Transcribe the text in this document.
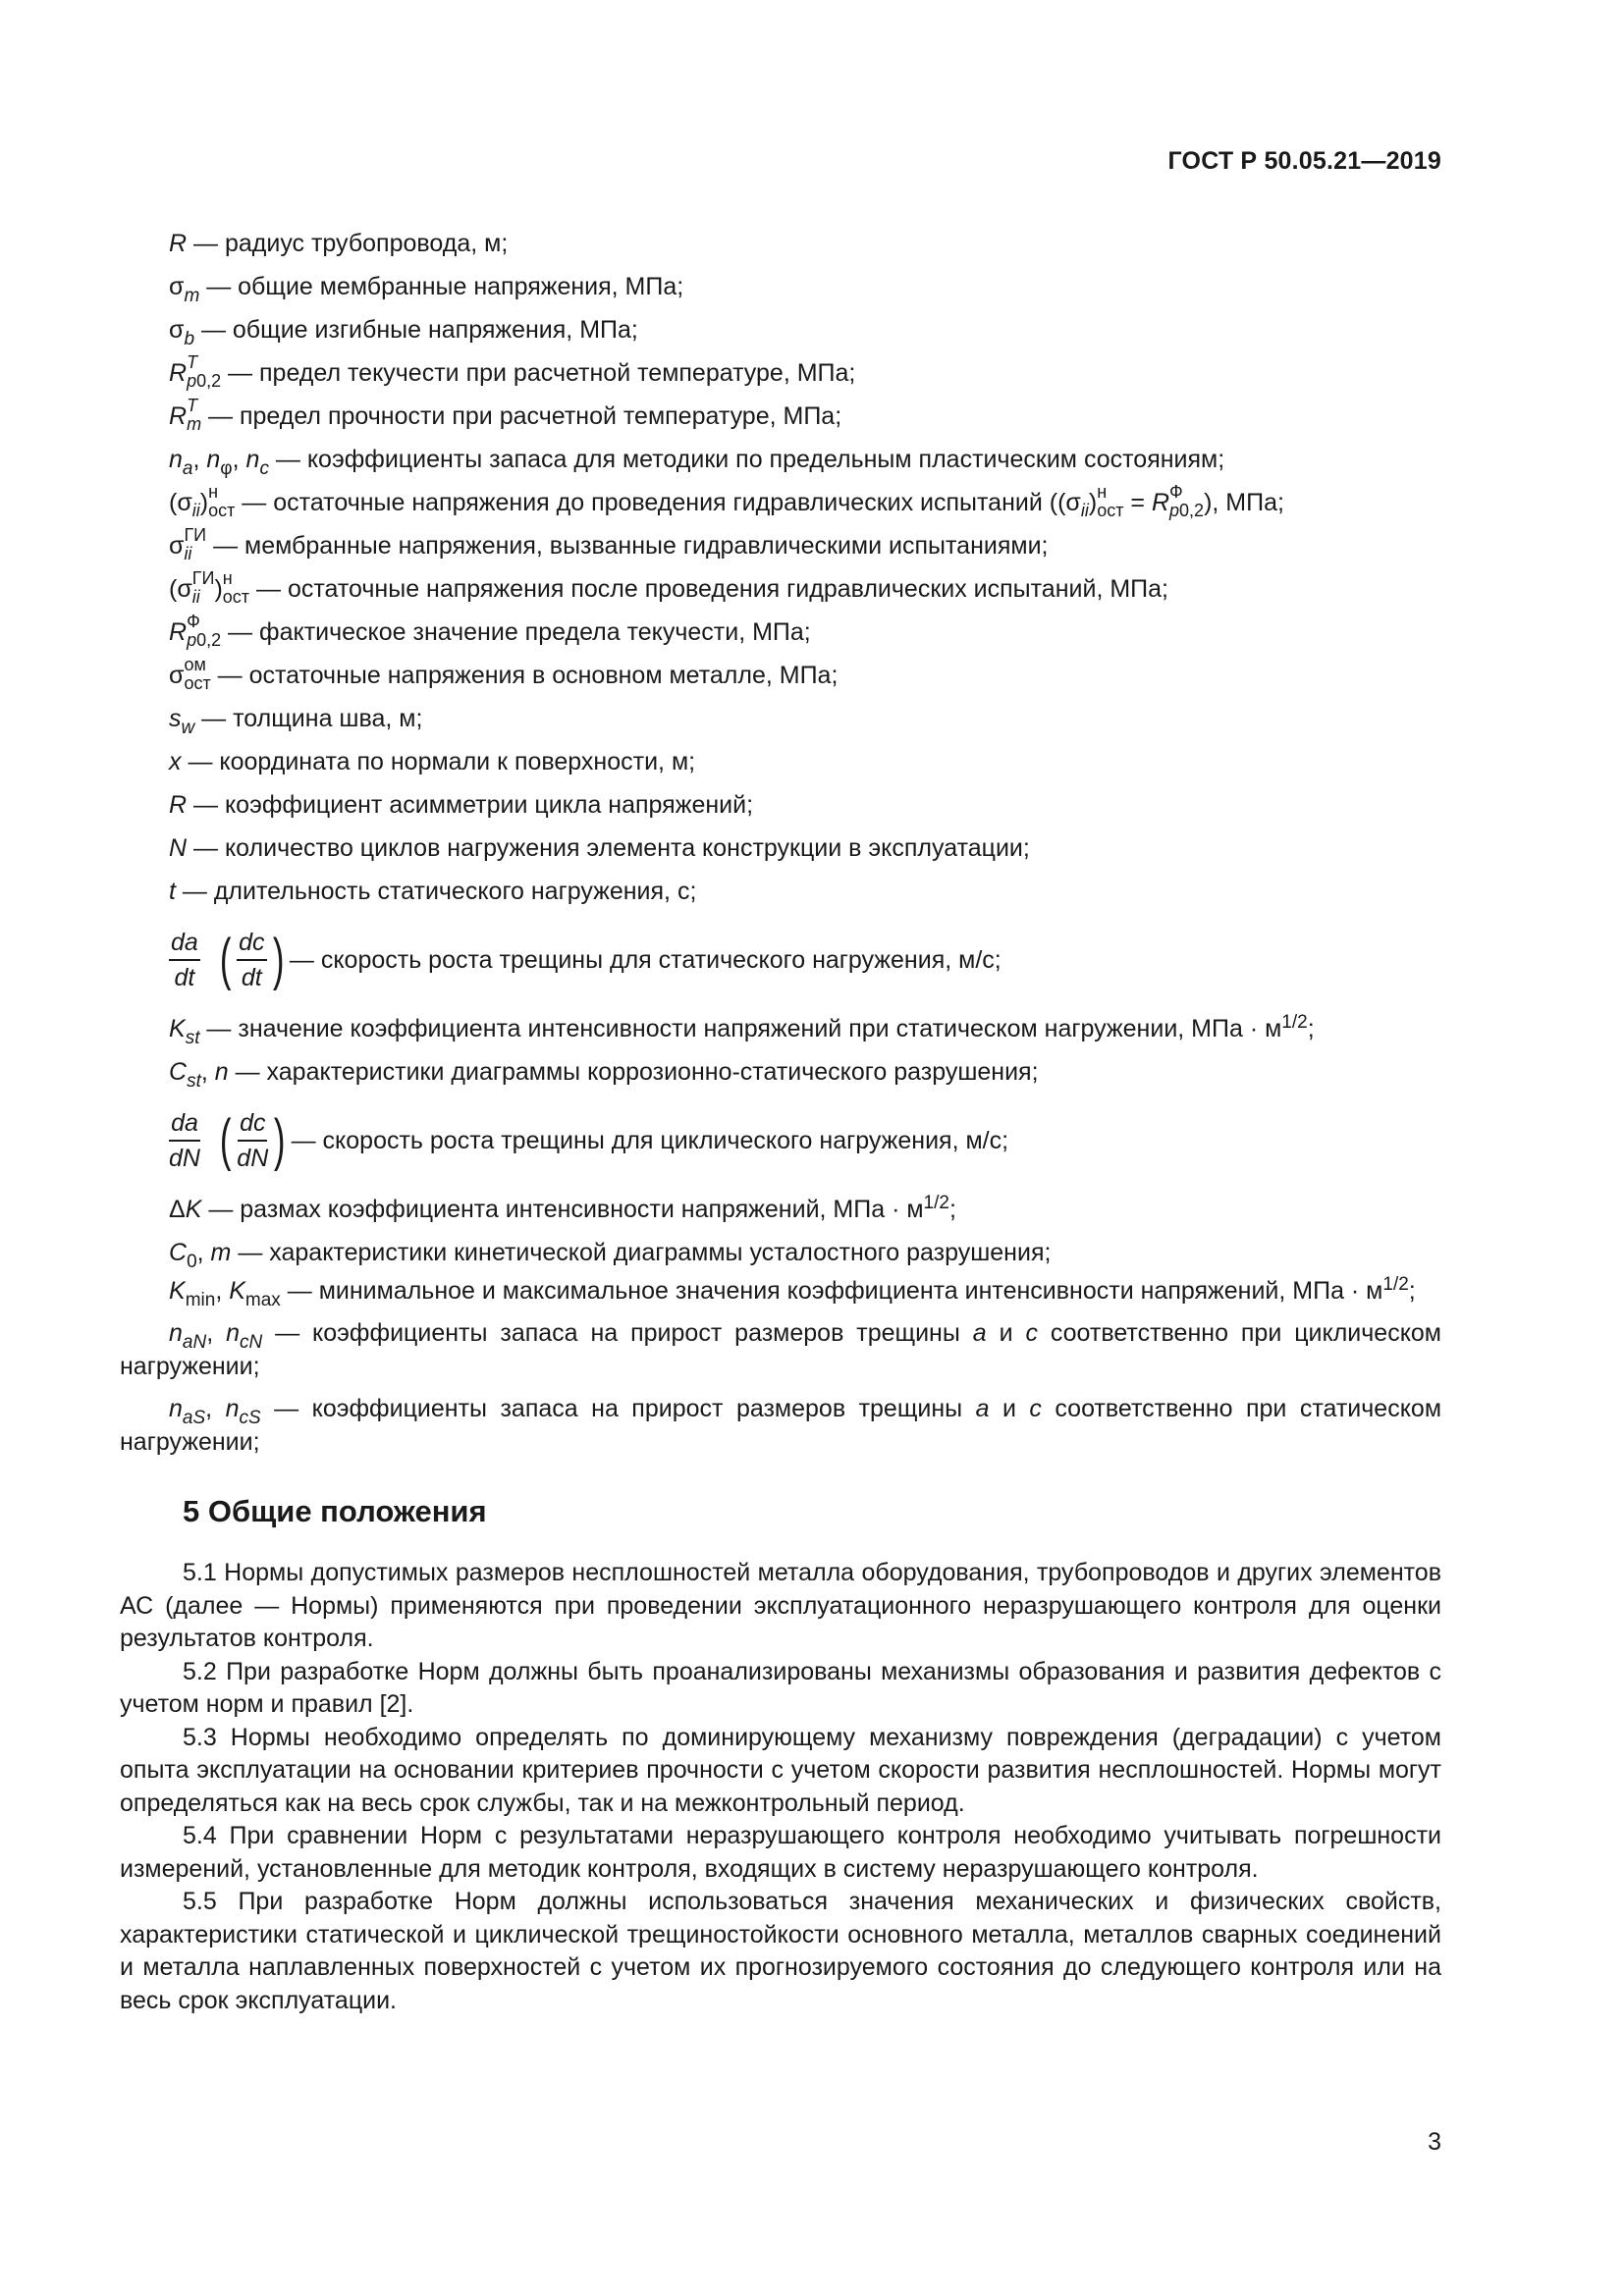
ГОСТ Р 50.05.21—2019
R — радиус трубопровода, м;
$\sigma_m$ — общие мембранные напряжения, МПа;
$\sigma_b$ — общие изгибные напряжения, МПа;
R T
p0,2 — предел текучести при расчетной температуре, МПа;
R T
m — предел прочности при расчетной температуре, МПа;
$n_a$, $n_\varphi$, $n_c$ — коэффициенты запаса для методики по предельным пластическим состояниям;
(σ
ii ) н
ост — остаточные напряжения до проведения гидравлических испытаний ((σ
ii ) н
ост = R Ф
p0,2 ), МПа;
σ ГИ
ii — мембранные напряжения, вызванные гидравлическими испытаниями;
(σ ГИ
ii ) н
ост — остаточные напряжения после проведения гидравлических испытаний, МПа;
R Ф
p0,2 — фактическое значение предела текучести, МПа;
σ ом
ост — остаточные напряжения в основном металле, МПа;
$s_w$ — толщина шва, м;
x — координата по нормали к поверхности, м;
R — коэффициент асимметрии цикла напряжений;
N — количество циклов нагружения элемента конструкции в эксплуатации;
t — длительность статического нагружения, с;
$\frac{da}{dt}$ ( $\frac{dc}{dt}$ ) — скорость роста трещины для статического нагружения, м/с;
$K_{st}$ — значение коэффициента интенсивности напряжений при статическом нагружении, МПа · $м^{1/2}$;
$C_{st}$, n — характеристики диаграммы коррозионно-статического разрушения;
$\frac{da}{dN}$ ( $\frac{dc}{dN}$ ) — скорость роста трещины для циклического нагружения, м/с;
ΔK — размах коэффициента интенсивности напряжений, МПа · $м^{1/2}$;
$C_0$, m — характеристики кинетической диаграммы усталостного разрушения;
$K_{min}$, $K_{max}$ — минимальное и максимальное значения коэффициента интенсивности напряжений, МПа · $м^{1/2}$;
$n_{aN}$, $n_{cN}$ — коэффициенты запаса на прирост размеров трещины a и c соответственно при циклическом нагружении;
$n_{aS}$, $n_{cS}$ — коэффициенты запаса на прирост размеров трещины a и c соответственно при статическом нагружении;
5 Общие положения

5.1 Нормы допустимых размеров несплошностей металла оборудования, трубопроводов и других элементов АС (далее — Нормы) применяются при проведении эксплуатационного неразрушающего контроля для оценки результатов контроля.

5.2 При разработке Норм должны быть проанализированы механизмы образования и развития дефектов с учетом норм и правил [2].

5.3 Нормы необходимо определять по доминирующему механизму повреждения (деградации) с учетом опыта эксплуатации на основании критериев прочности с учетом скорости развития несплошностей. Нормы могут определяться как на весь срок службы, так и на межконтрольный период.

5.4 При сравнении Норм с результатами неразрушающего контроля необходимо учитывать погрешности измерений, установленные для методик контроля, входящих в систему неразрушающего контроля.

5.5 При разработке Норм должны использоваться значения механических и физических свойств, характеристики статической и циклической трещиностойкости основного металла, металлов сварных соединений и металла наплавленных поверхностей с учетом их прогнозируемого состояния до следующего контроля или на весь срок эксплуатации.

3
